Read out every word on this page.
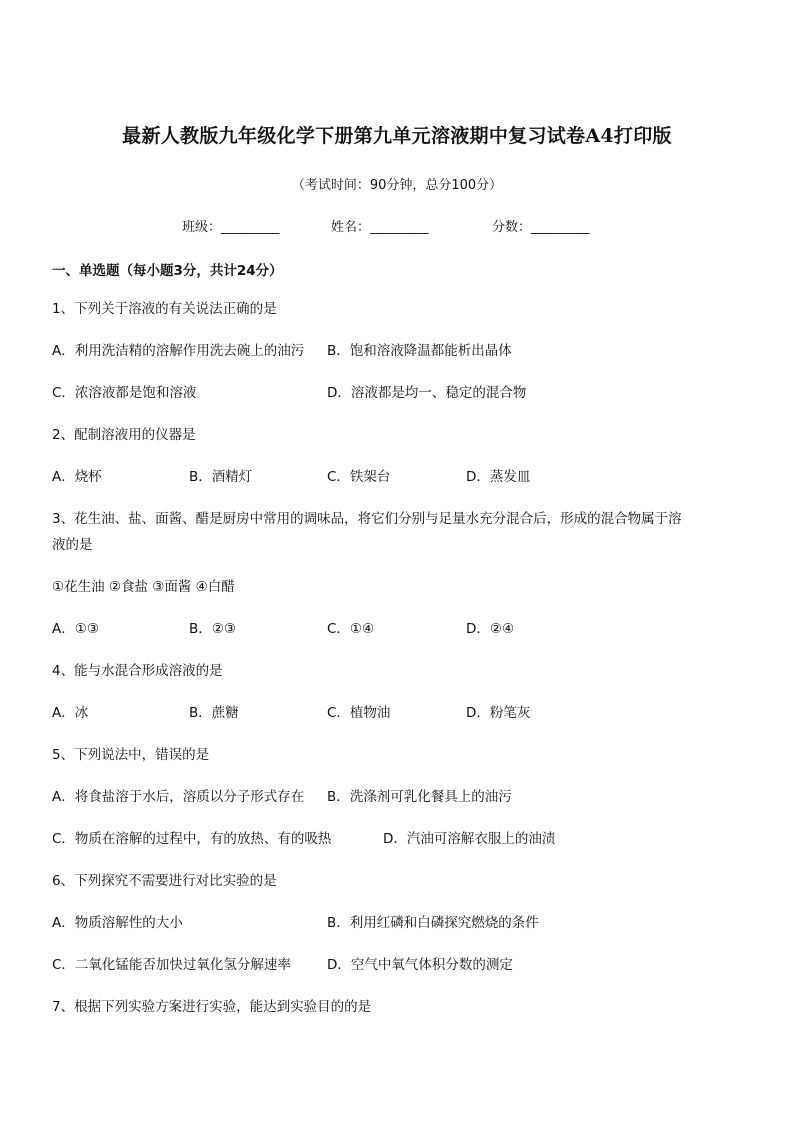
最新人教版九年级化学下册第九单元溶液期中复习试卷A4打印版
（考试时间：90分钟，总分100分）
班级：_________	姓名：_________	分数：_________
一、单选题（每小题3分，共计24分）
1、下列关于溶液的有关说法正确的是
A．利用洗洁精的溶解作用洗去碗上的油污 B．饱和溶液降温都能析出晶体
C．浓溶液都是饱和溶液	D．溶液都是均一、稳定的混合物
2、配制溶液用的仪器是
A．烧杯	B．酒精灯	C．铁架台	D．蒸发皿
3、花生油、盐、面酱、醋是厨房中常用的调味品，将它们分别与足量水充分混合后，形成的混合物属于溶
液的是
①花生油 ②食盐 ③面酱 ④白醋
A．①③	B．②③	C．①④	D．②④
4、能与水混合形成溶液的是
A．冰	B．蔗糖	C．植物油	D．粉笔灰
5、下列说法中，错误的是
A．将食盐溶于水后，溶质以分子形式存在 B．洗涤剂可乳化餐具上的油污
C．物质在溶解的过程中，有的放热、有的吸热	D．汽油可溶解衣服上的油渍
6、下列探究不需要进行对比实验的是
A．物质溶解性的大小	B．利用红磷和白磷探究燃烧的条件
C．二氧化锰能否加快过氧化氢分解速率	D．空气中氧气体积分数的测定
7、根据下列实验方案进行实验，能达到实验目的的是
